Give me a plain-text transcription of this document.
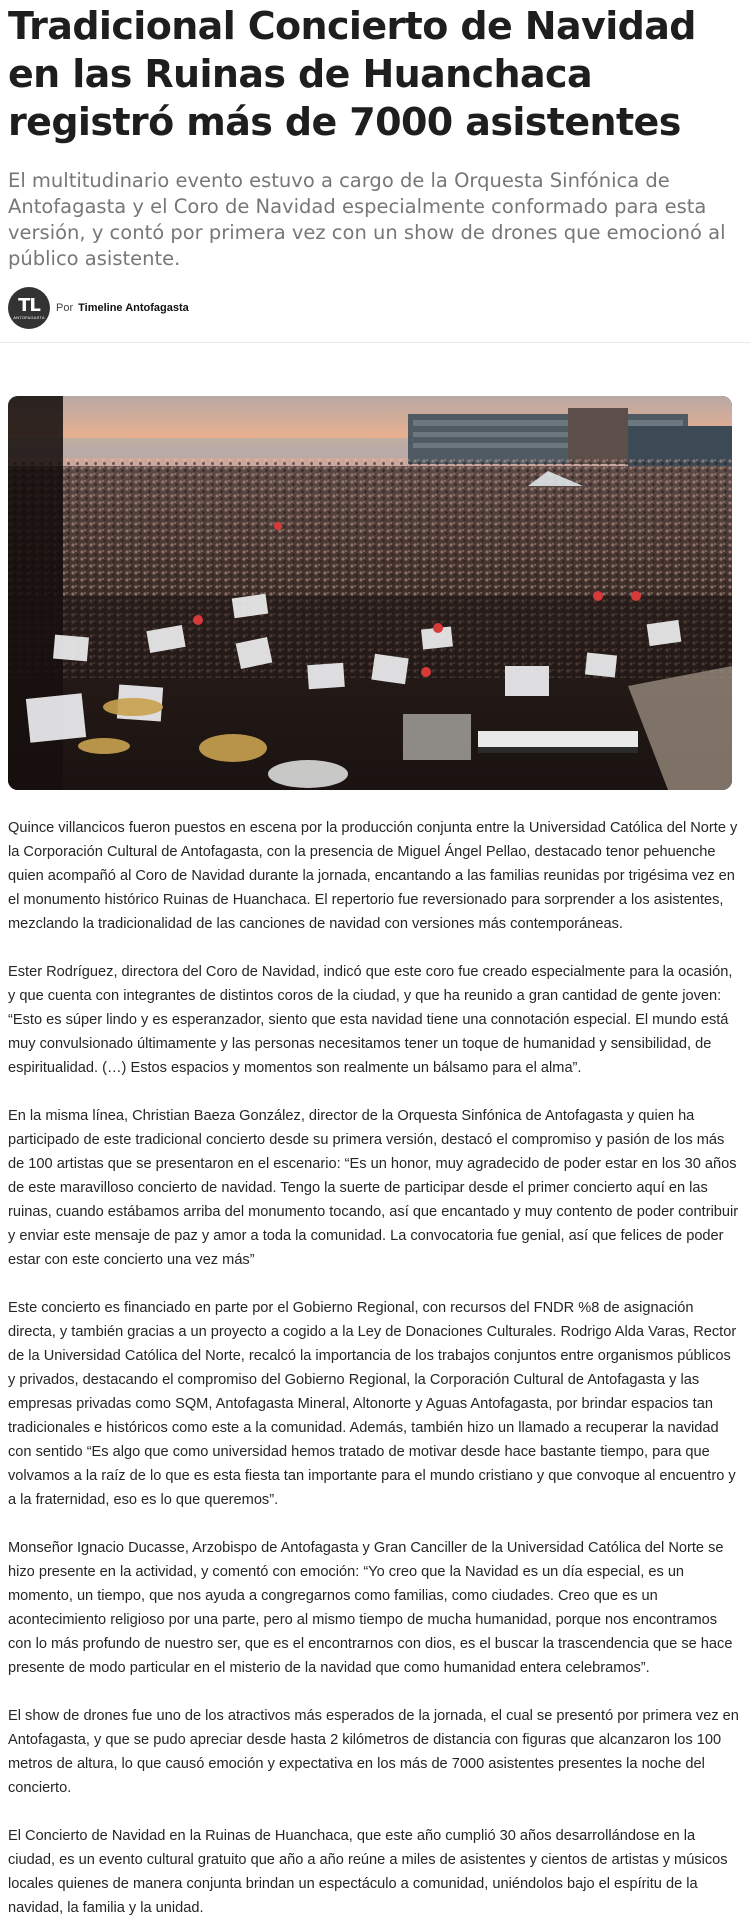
Tradicional Concierto de Navidad en las Ruinas de Huanchaca registró más de 7000 asistentes

El multitudinario evento estuvo a cargo de la Orquesta Sinfónica de Antofagasta y el Coro de Navidad especialmente conformado para esta versión, y contó por primera vez con un show de drones que emocionó al público asistente.

TL
ANTOFAGASTA
Por Timeline Antofagasta

Quince villancicos fueron puestos en escena por la producción conjunta entre la Universidad Católica del Norte y la Corporación Cultural de Antofagasta, con la presencia de Miguel Ángel Pellao, destacado tenor pehuenche quien acompañó al Coro de Navidad durante la jornada, encantando a las familias reunidas por trigésima vez en el monumento histórico Ruinas de Huanchaca. El repertorio fue reversionado para sorprender a los asistentes, mezclando la tradicionalidad de las canciones de navidad con versiones más contemporáneas.

Ester Rodríguez, directora del Coro de Navidad, indicó que este coro fue creado especialmente para la ocasión, y que cuenta con integrantes de distintos coros de la ciudad, y que ha reunido a gran cantidad de gente joven: “Esto es súper lindo y es esperanzador, siento que esta navidad tiene una connotación especial. El mundo está muy convulsionado últimamente y las personas necesitamos tener un toque de humanidad y sensibilidad, de espiritualidad. (…) Estos espacios y momentos son realmente un bálsamo para el alma”.

En la misma línea, Christian Baeza González, director de la Orquesta Sinfónica de Antofagasta y quien ha participado de este tradicional concierto desde su primera versión, destacó el compromiso y pasión de los más de 100 artistas que se presentaron en el escenario: “Es un honor, muy agradecido de poder estar en los 30 años de este maravilloso concierto de navidad. Tengo la suerte de participar desde el primer concierto aquí en las ruinas, cuando estábamos arriba del monumento tocando, así que encantado y muy contento de poder contribuir y enviar este mensaje de paz y amor a toda la comunidad. La convocatoria fue genial, así que felices de poder estar con este concierto una vez más”

Este concierto es financiado en parte por el Gobierno Regional, con recursos del FNDR %8 de asignación directa, y también gracias a un proyecto a cogido a la Ley de Donaciones Culturales. Rodrigo Alda Varas, Rector de la Universidad Católica del Norte, recalcó la importancia de los trabajos conjuntos entre organismos públicos y privados, destacando el compromiso del Gobierno Regional, la Corporación Cultural de Antofagasta y las empresas privadas como SQM, Antofagasta Mineral, Altonorte y Aguas Antofagasta, por brindar espacios tan tradicionales e históricos como este a la comunidad. Además, también hizo un llamado a recuperar la navidad con sentido “Es algo que como universidad hemos tratado de motivar desde hace bastante tiempo, para que volvamos a la raíz de lo que es esta fiesta tan importante para el mundo cristiano y que convoque al encuentro y a la fraternidad, eso es lo que queremos”.

Monseñor Ignacio Ducasse, Arzobispo de Antofagasta y Gran Canciller de la Universidad Católica del Norte se hizo presente en la actividad, y comentó con emoción: “Yo creo que la Navidad es un día especial, es un momento, un tiempo, que nos ayuda a congregarnos como familias, como ciudades. Creo que es un acontecimiento religioso por una parte, pero al mismo tiempo de mucha humanidad, porque nos encontramos con lo más profundo de nuestro ser, que es el encontrarnos con dios, es el buscar la trascendencia que se hace presente de modo particular en el misterio de la navidad que como humanidad entera celebramos”.

El show de drones fue uno de los atractivos más esperados de la jornada, el cual se presentó por primera vez en Antofagasta, y que se pudo apreciar desde hasta 2 kilómetros de distancia con figuras que alcanzaron los 100 metros de altura, lo que causó emoción y expectativa en los más de 7000 asistentes presentes la noche del concierto.

El Concierto de Navidad en la Ruinas de Huanchaca, que este año cumplió 30 años desarrollándose en la ciudad, es un evento cultural gratuito que año a año reúne a miles de asistentes y cientos de artistas y músicos locales quienes de manera conjunta brindan un espectáculo a comunidad, uniéndolos bajo el espíritu de la navidad, la familia y la unidad.
